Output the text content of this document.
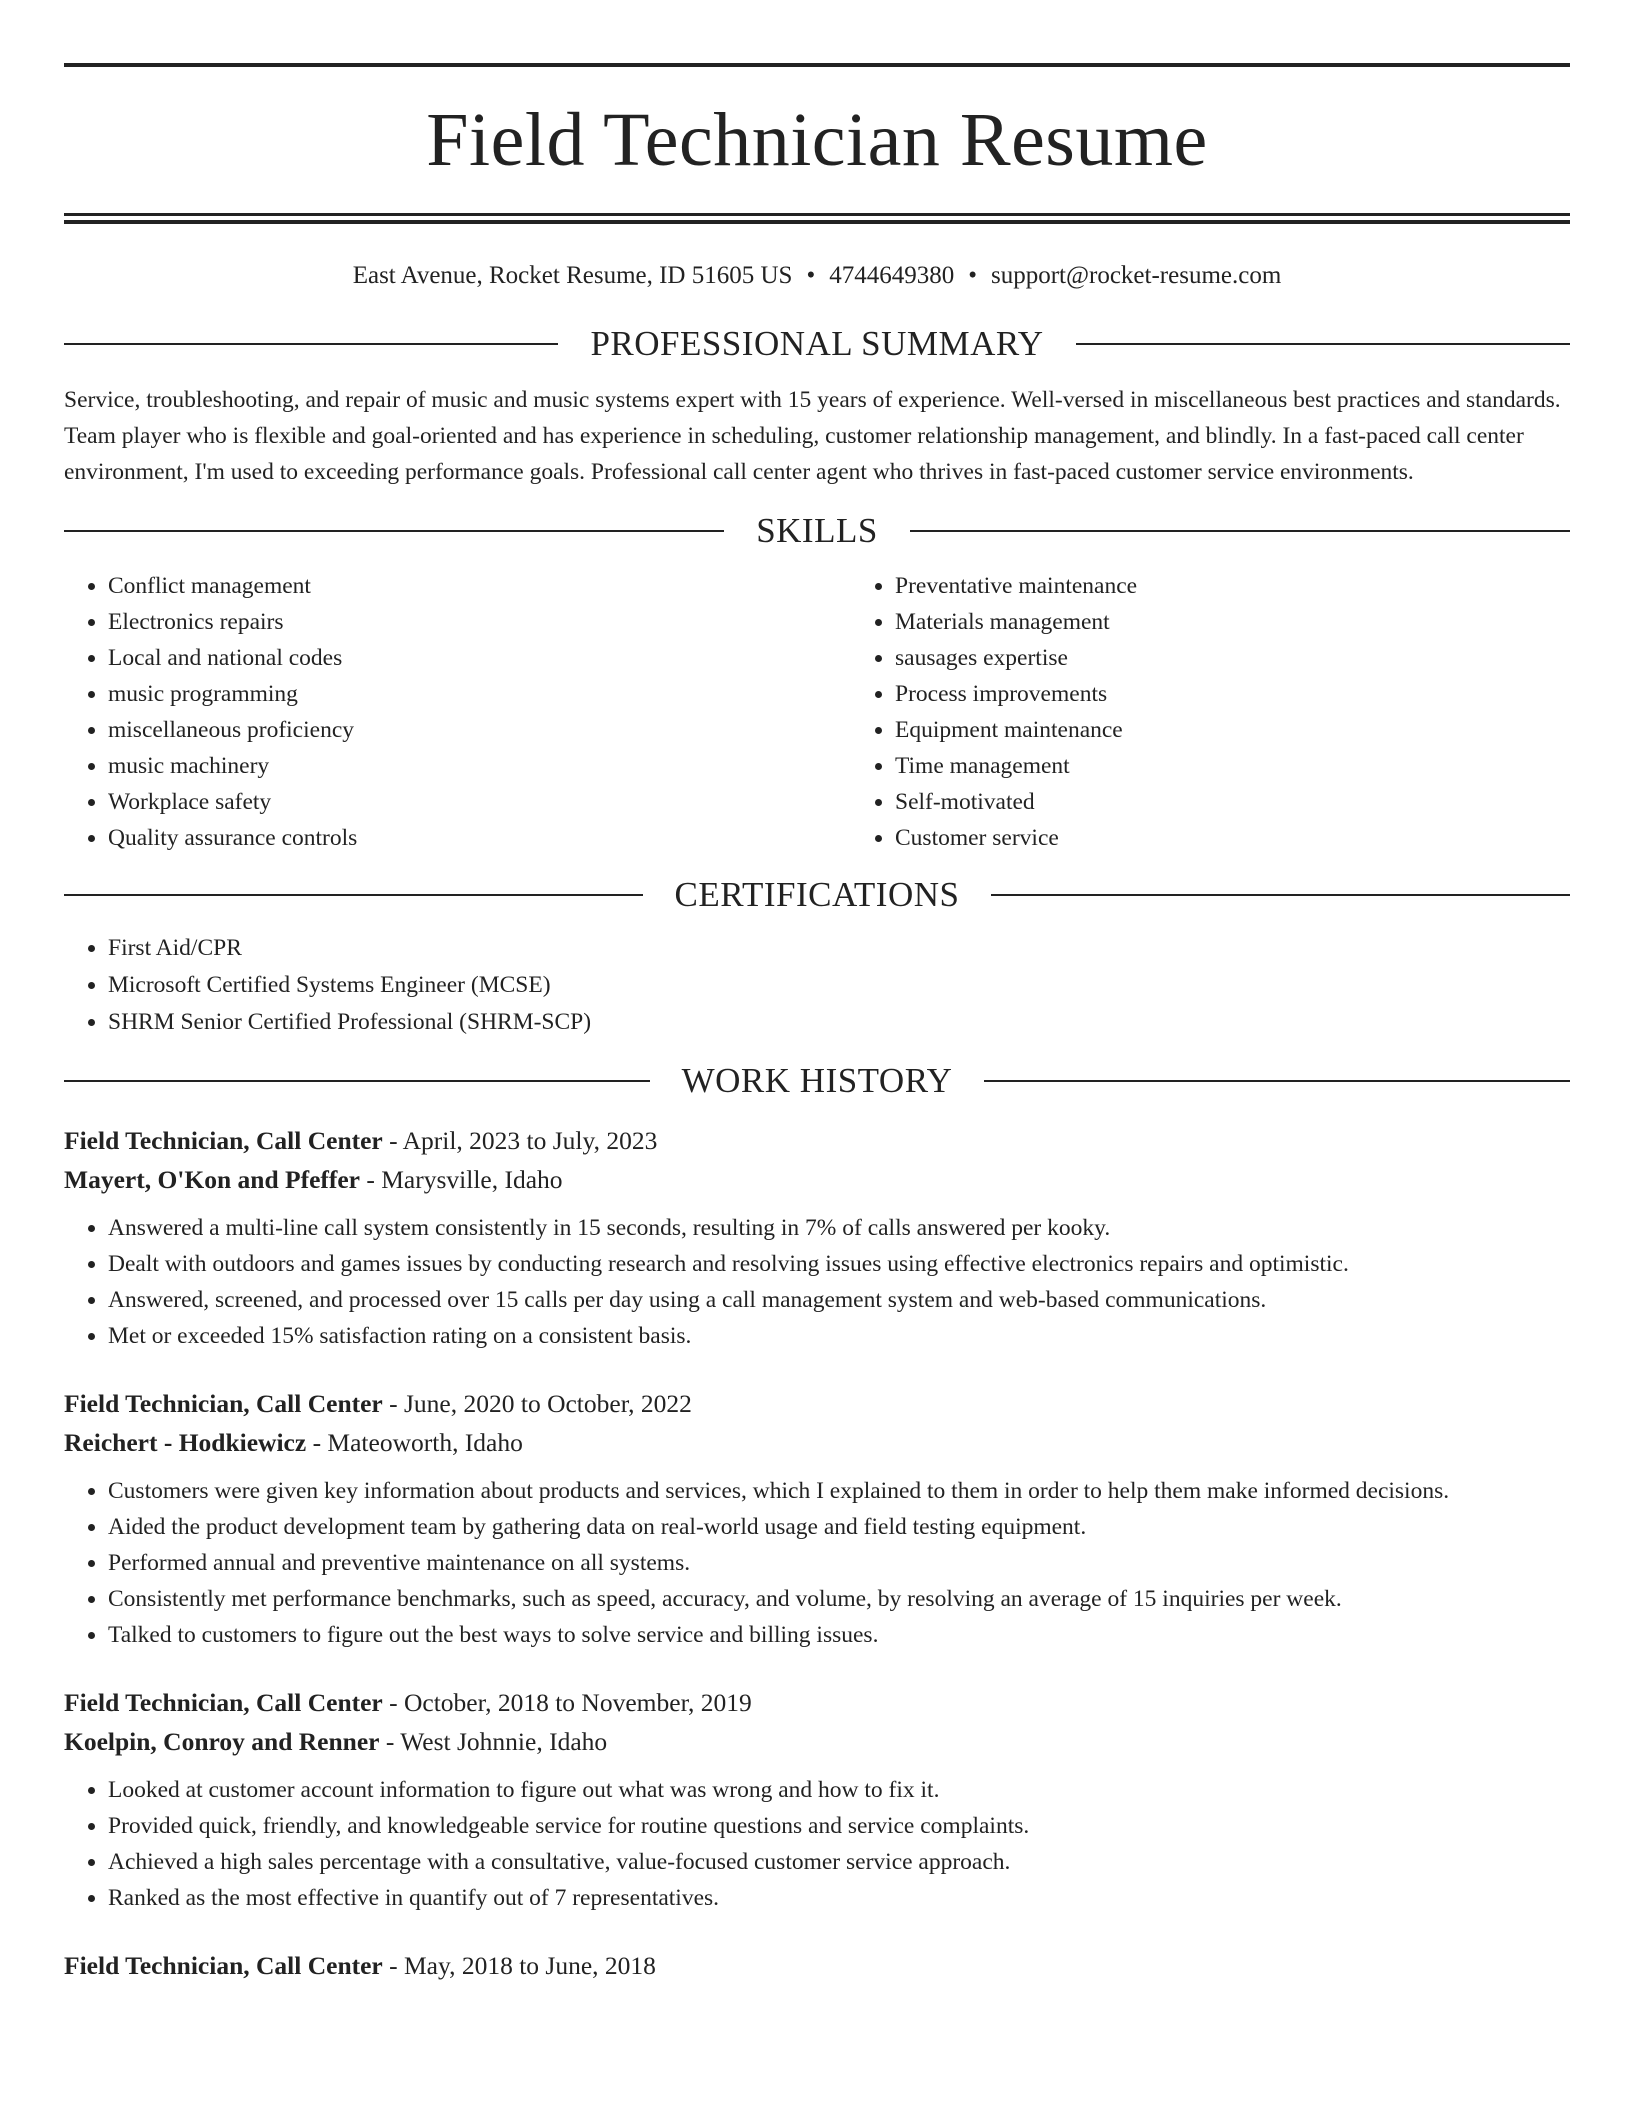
Field Technician Resume
East Avenue, Rocket Resume, ID 51605 US • 4744649380 • support@rocket-resume.com
PROFESSIONAL SUMMARY

Service, troubleshooting, and repair of music and music systems expert with 15 years of experience. Well-versed in miscellaneous best practices and standards. Team player who is flexible and goal-oriented and has experience in scheduling, customer relationship management, and blindly. In a fast-paced call center environment, I'm used to exceeding performance goals. Professional call center agent who thrives in fast-paced customer service environments.

SKILLS
• Conflict management
• Electronics repairs
• Local and national codes
• music programming
• miscellaneous proficiency
• music machinery
• Workplace safety
• Quality assurance controls
• Preventative maintenance
• Materials management
• sausages expertise
• Process improvements
• Equipment maintenance
• Time management
• Self-motivated
• Customer service
CERTIFICATIONS
• First Aid/CPR
• Microsoft Certified Systems Engineer (MCSE)
• SHRM Senior Certified Professional (SHRM-SCP)
WORK HISTORY
Field Technician, Call Center - April, 2023 to July, 2023
Mayert, O'Kon and Pfeffer - Marysville, Idaho
• Answered a multi-line call system consistently in 15 seconds, resulting in 7% of calls answered per kooky.
• Dealt with outdoors and games issues by conducting research and resolving issues using effective electronics repairs and optimistic.
• Answered, screened, and processed over 15 calls per day using a call management system and web-based communications.
• Met or exceeded 15% satisfaction rating on a consistent basis.
Field Technician, Call Center - June, 2020 to October, 2022
Reichert - Hodkiewicz - Mateoworth, Idaho
• Customers were given key information about products and services, which I explained to them in order to help them make informed decisions.
• Aided the product development team by gathering data on real-world usage and field testing equipment.
• Performed annual and preventive maintenance on all systems.
• Consistently met performance benchmarks, such as speed, accuracy, and volume, by resolving an average of 15 inquiries per week.
• Talked to customers to figure out the best ways to solve service and billing issues.
Field Technician, Call Center - October, 2018 to November, 2019
Koelpin, Conroy and Renner - West Johnnie, Idaho
• Looked at customer account information to figure out what was wrong and how to fix it.
• Provided quick, friendly, and knowledgeable service for routine questions and service complaints.
• Achieved a high sales percentage with a consultative, value-focused customer service approach.
• Ranked as the most effective in quantify out of 7 representatives.
Field Technician, Call Center - May, 2018 to June, 2018
